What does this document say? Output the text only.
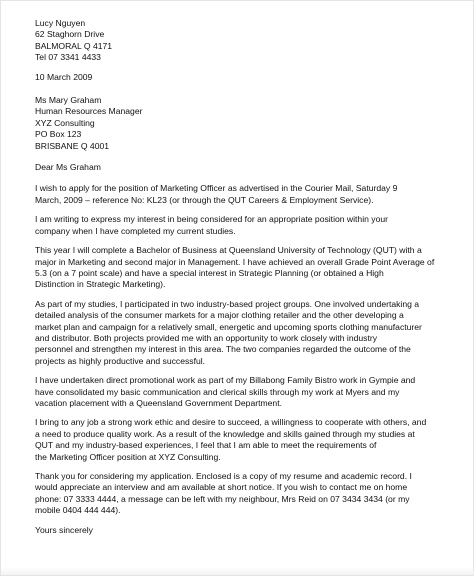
Lucy Nguyen
62 Staghorn Drive
BALMORAL Q 4171
Tel 07 3341 4433
10 March 2009
Ms Mary Graham
Human Resources Manager
XYZ Consulting
PO Box 123
BRISBANE Q 4001
Dear Ms Graham
I wish to apply for the position of Marketing Officer as advertised in the Courier Mail, Saturday 9
March, 2009 – reference No: KL23 (or through the QUT Careers & Employment Service).
I am writing to express my interest in being considered for an appropriate position within your
company when I have completed my current studies.
This year I will complete a Bachelor of Business at Queensland University of Technology (QUT) with a
major in Marketing and second major in Management. I have achieved an overall Grade Point Average of
5.3 (on a 7 point scale) and have a special interest in Strategic Planning (or obtained a High
Distinction in Strategic Marketing).
As part of my studies, I participated in two industry-based project groups. One involved undertaking a
detailed analysis of the consumer markets for a major clothing retailer and the other developing a
market plan and campaign for a relatively small, energetic and upcoming sports clothing manufacturer
and distributor. Both projects provided me with an opportunity to work closely with industry
personnel and strengthen my interest in this area. The two companies regarded the outcome of the
projects as highly productive and successful.
I have undertaken direct promotional work as part of my Billabong Family Bistro work in Gympie and
have consolidated my basic communication and clerical skills through my work at Myers and my
vacation placement with a Queensland Government Department.
I bring to any job a strong work ethic and desire to succeed, a willingness to cooperate with others, and
a need to produce quality work. As a result of the knowledge and skills gained through my studies at
QUT and my industry-based experiences, I feel that I am able to meet the requirements of
the Marketing Officer position at XYZ Consulting.
Thank you for considering my application. Enclosed is a copy of my resume and academic record. I
would appreciate an interview and am available at short notice. If you wish to contact me on home
phone: 07 3333 4444, a message can be left with my neighbour, Mrs Reid on 07 3434 3434 (or my
mobile 0404 444 444).
Yours sincerely
